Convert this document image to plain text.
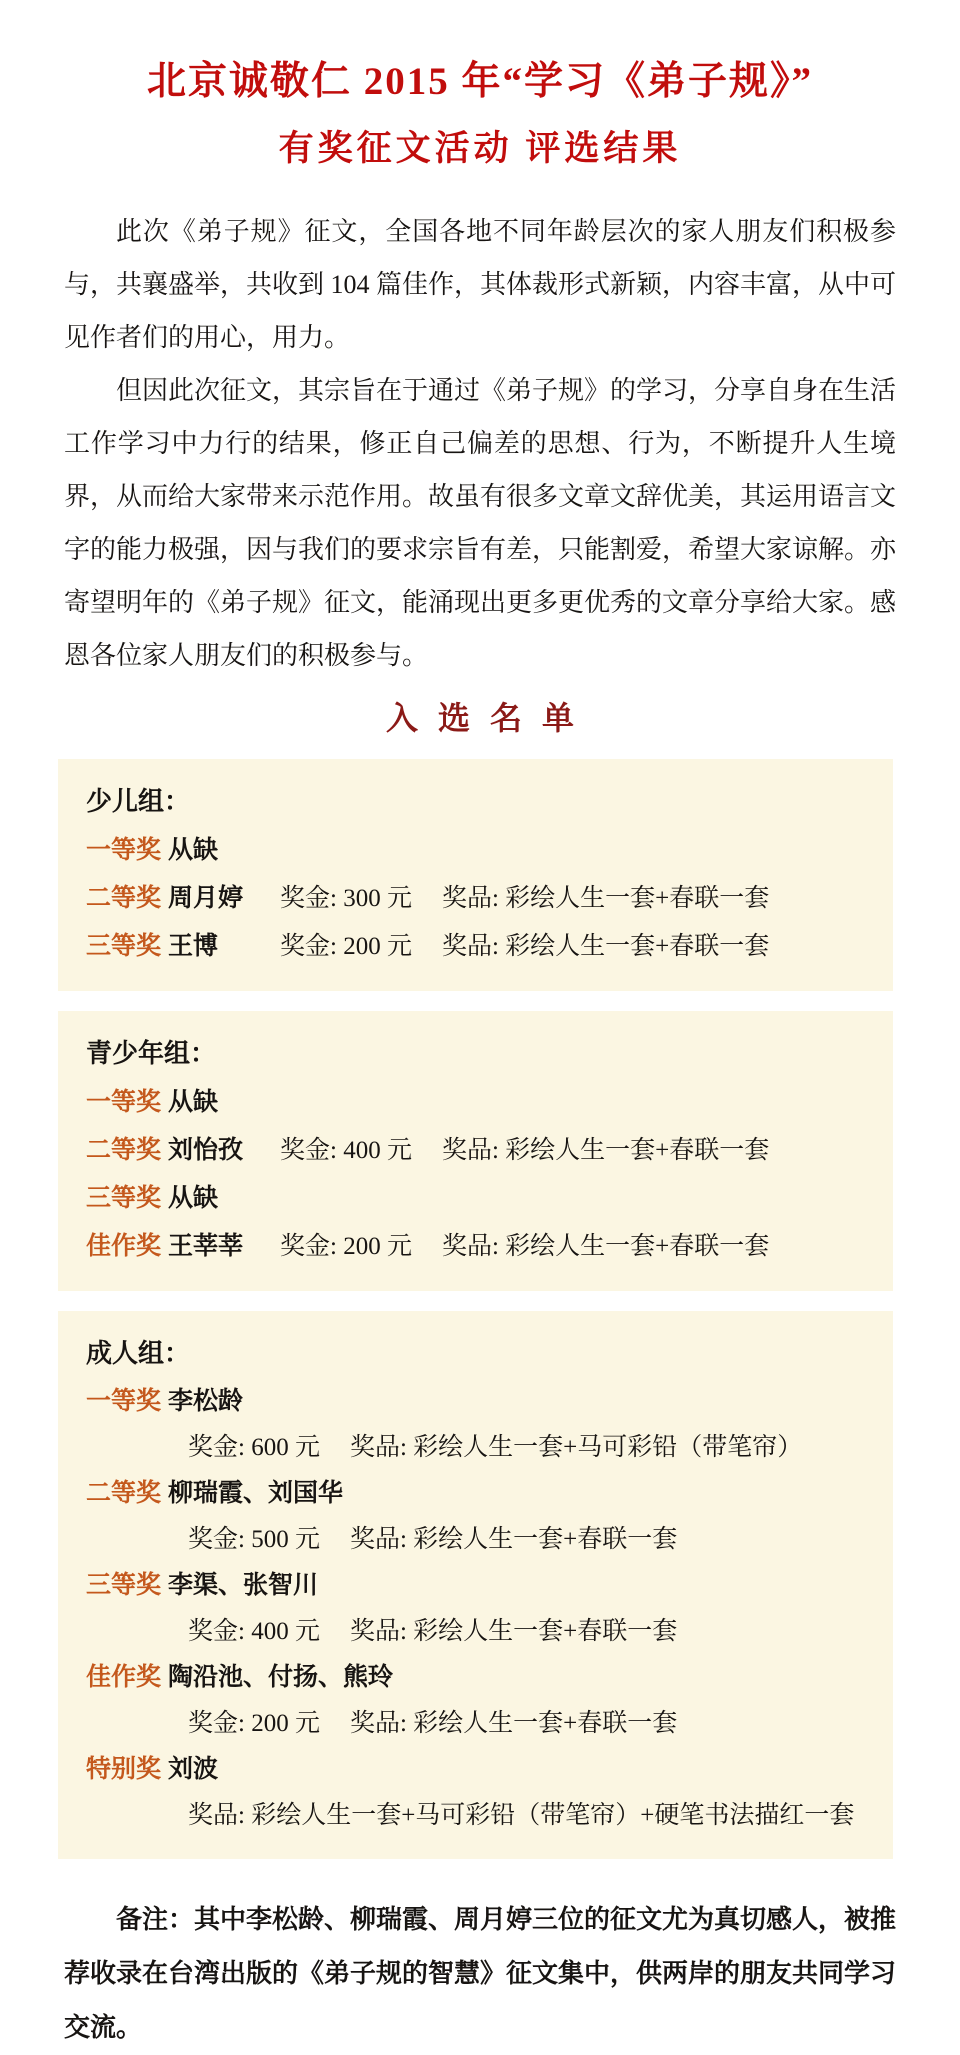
北京诚敬仁 2015 年“学习《弟子规》”
有奖征文活动 评选结果

此次《弟子规》征文，全国各地不同年龄层次的家人朋友们积极参与，共襄盛举，共收到 104 篇佳作，其体裁形式新颖，内容丰富，从中可见作者们的用心，用力。

但因此次征文，其宗旨在于通过《弟子规》的学习，分享自身在生活工作学习中力行的结果，修正自己偏差的思想、行为，不断提升人生境界，从而给大家带来示范作用。故虽有很多文章文辞优美，其运用语言文字的能力极强，因与我们的要求宗旨有差，只能割爱，希望大家谅解。亦寄望明年的《弟子规》征文，能涌现出更多更优秀的文章分享给大家。感恩各位家人朋友们的积极参与。

入选名单
少儿组：
一等奖 从缺
二等奖 周月婷	奖金: 300 元 奖品: 彩绘人生一套+春联一套
三等奖 王博	奖金: 200 元 奖品: 彩绘人生一套+春联一套
青少年组：
一等奖 从缺
二等奖 刘怡孜	奖金: 400 元 奖品: 彩绘人生一套+春联一套
三等奖 从缺
佳作奖 王莘莘	奖金: 200 元 奖品: 彩绘人生一套+春联一套
成人组：
一等奖 李松龄
奖金: 600 元 奖品: 彩绘人生一套+马可彩铅（带笔帘）
二等奖 柳瑞霞、刘国华
奖金: 500 元 奖品: 彩绘人生一套+春联一套
三等奖 李渠、张智川
奖金: 400 元 奖品: 彩绘人生一套+春联一套
佳作奖 陶沿池、付扬、熊玲
奖金: 200 元 奖品: 彩绘人生一套+春联一套
特别奖 刘波
奖品: 彩绘人生一套+马可彩铅（带笔帘）+硬笔书法描红一套

备注：其中李松龄、柳瑞霞、周月婷三位的征文尤为真切感人，被推荐收录在台湾出版的《弟子规的智慧》征文集中，供两岸的朋友共同学习交流。
